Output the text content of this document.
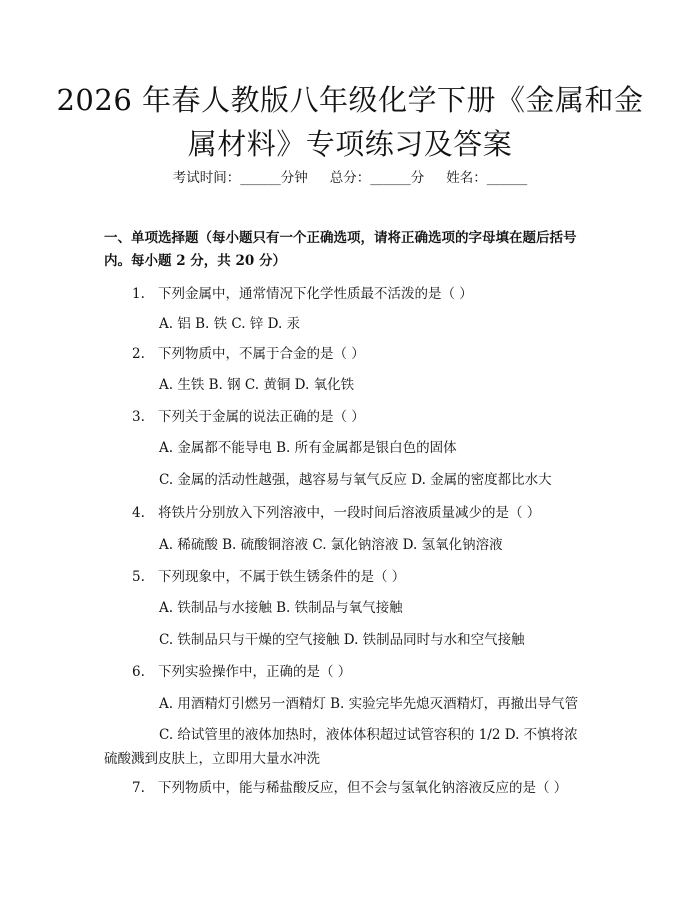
2026 年春人教版八年级化学下册《金属和金
属材料》专项练习及答案
考试时间：______分钟 总分：______分 姓名：______
一、单项选择题（每小题只有一个正确选项，请将正确选项的字母填在题后括号
内。每小题 2 分，共 20 分）
1. 下列金属中，通常情况下化学性质最不活泼的是（ ）
A. 铝 B. 铁 C. 锌 D. 汞
2. 下列物质中，不属于合金的是（ ）
A. 生铁 B. 钢 C. 黄铜 D. 氧化铁
3. 下列关于金属的说法正确的是（ ）
A. 金属都不能导电 B. 所有金属都是银白色的固体
C. 金属的活动性越强，越容易与氧气反应 D. 金属的密度都比水大
4. 将铁片分别放入下列溶液中，一段时间后溶液质量减少的是（ ）
A. 稀硫酸 B. 硫酸铜溶液 C. 氯化钠溶液 D. 氢氧化钠溶液
5. 下列现象中，不属于铁生锈条件的是（ ）
A. 铁制品与水接触 B. 铁制品与氧气接触
C. 铁制品只与干燥的空气接触 D. 铁制品同时与水和空气接触
6. 下列实验操作中，正确的是（ ）
A. 用酒精灯引燃另一酒精灯 B. 实验完毕先熄灭酒精灯，再撤出导气管
C. 给试管里的液体加热时，液体体积超过试管容积的 1/2 D. 不慎将浓
硫酸溅到皮肤上，立即用大量水冲洗
7. 下列物质中，能与稀盐酸反应，但不会与氢氧化钠溶液反应的是（ ）
